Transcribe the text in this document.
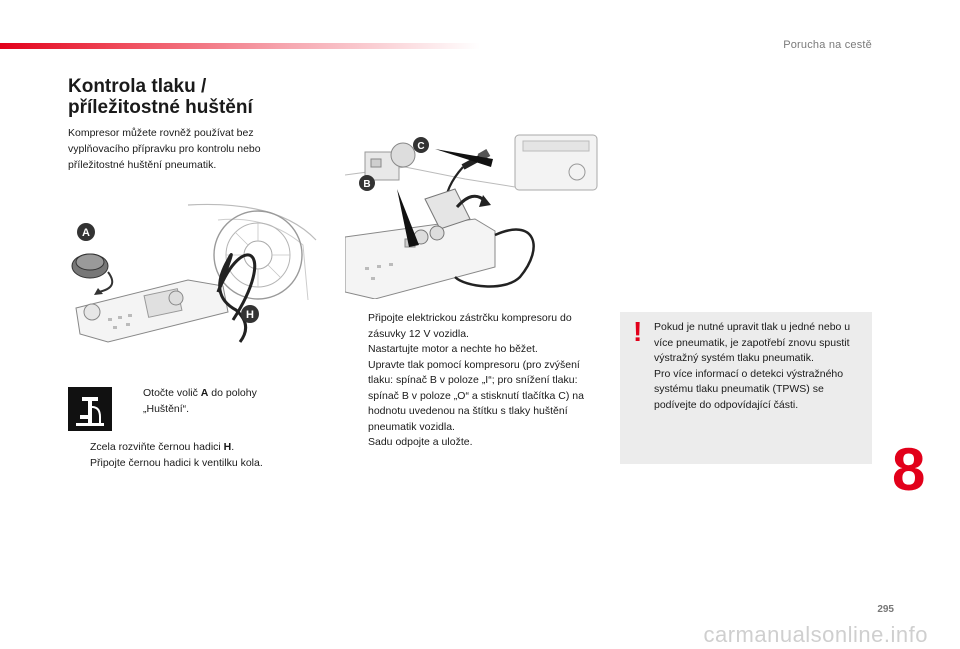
Porucha na cestě
Kontrola tlaku /
příležitostné huštění
Kompresor můžete rovněž používat bez vyplňovacího přípravku pro kontrolu nebo příležitostné huštění pneumatik.
A
H
B
C
Otočte volič A do polohy „Huštění“.
Zcela rozviňte černou hadici H.
Připojte černou hadici k ventilku kola.
Připojte elektrickou zástrčku kompresoru do zásuvky 12 V vozidla.
Nastartujte motor a nechte ho běžet.
Upravte tlak pomocí kompresoru (pro zvýšení tlaku: spínač B v poloze „I“; pro snížení tlaku: spínač B v poloze „O“ a stisknutí tlačítka C) na hodnotu uvedenou na štítku s tlaky huštění pneumatik vozidla.
Sadu odpojte a uložte.
! Pokud je nutné upravit tlak u jedné nebo u více pneumatik, je zapotřebí znovu spustit výstražný systém tlaku pneumatik.
Pro více informací o detekci výstražného systému tlaku pneumatik (TPWS) se podívejte do odpovídající části.
8
295
carmanualsonline.info
